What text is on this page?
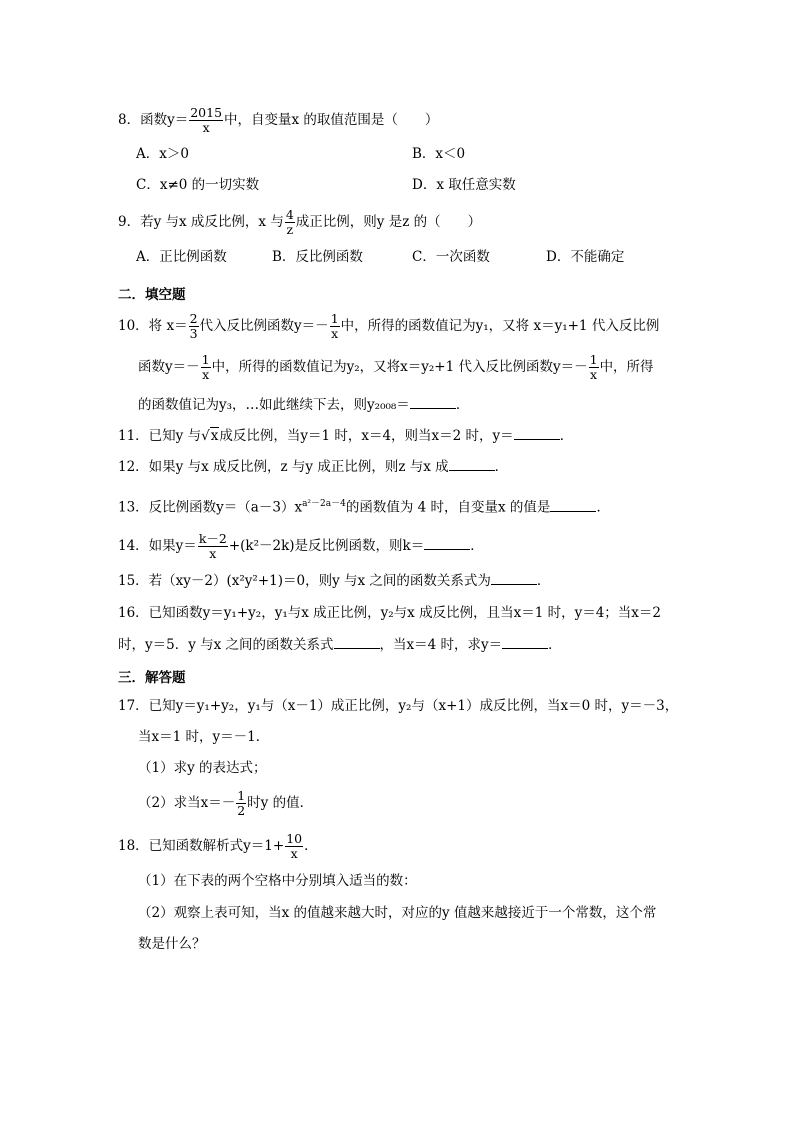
8．函数$y= \frac{2015}{x}$ 中，自变量x 的取值范围是（　　）
A．x＞0	B．x＜0
C．x≠0 的一切实数	D．x 取任意实数
9．若y 与x 成反比例，x 与 $\frac{4}{z}$ 成正比例，则y 是z 的（　　）
A．正比例函数	B．反比例函数	C．一次函数	D．不能确定
二．填空题
10．将 $x= \frac{2}{3}$ 代入反比例函数$y=- \frac{1}{x}$ 中，所得的函数值记为y₁，又将 x＝y₁+1 代入反比例
函数$y=- \frac{1}{x}$ 中，所得的函数值记为y₂，又将x＝y₂+1 代入反比例函数$y=- \frac{1}{x}$ 中，所得
的函数值记为y₃，…如此继续下去，则y₂₀₀₈＝	．
11．已知y 与√x成反比例，当y＝1 时，x＝4，则当x＝2 时，y＝	．
12．如果y 与x 成反比例，z 与y 成正比例，则z 与x 成	．
13．反比例函数$y=(a-3)x^{a^2-2a-4}$的函数值为 4 时，自变量x 的值是	．
14．如果$y= \frac{k-2}{x} +(k^2-2k)$是反比例函数，则k＝	．
15．若（xy－2）(x²y²+1)＝0，则y 与x 之间的函数关系式为	．
16．已知函数y＝y₁+y₂，y₁与x 成正比例，y₂与x 成反比例，且当x＝1 时，y＝4；当x＝2
时，y＝5．y 与x 之间的函数关系式	，当x＝4 时，求y＝	．
三．解答题
17．已知y＝y₁+y₂，y₁与（x－1）成正比例，y₂与（x+1）成反比例，当x＝0 时，y＝－3，
当x＝1 时，y＝－1．
（1）求y 的表达式；
（2）求当$x=- \frac{1}{2}$ 时y 的值．
18．已知函数解析式$y=1+ \frac{10}{x}$ ．
（1）在下表的两个空格中分别填入适当的数：
（2）观察上表可知，当x 的值越来越大时，对应的y 值越来越接近于一个常数，这个常
数是什么？
